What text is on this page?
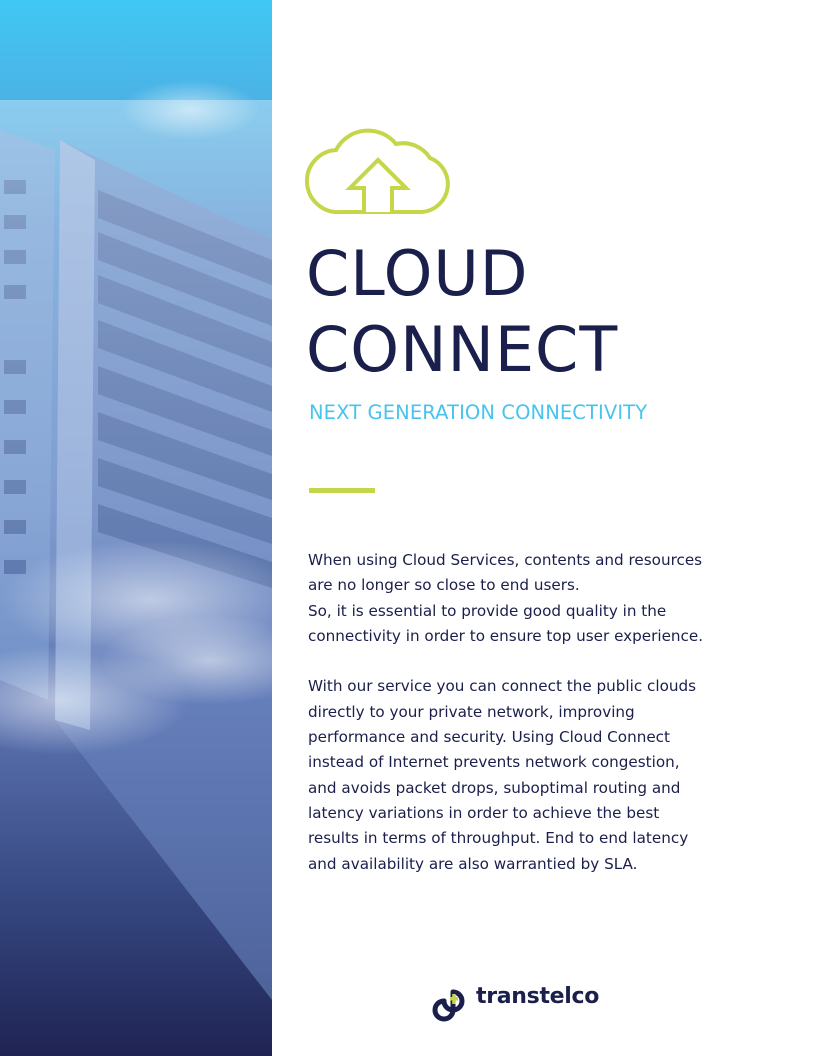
CLOUD
CONNECT

NEXT GENERATION CONNECTIVITY

When using Cloud Services, contents and resources

are no longer so close to end users.

So, it is essential to provide good quality in the

connectivity in order to ensure top user experience.

With our service you can connect the public clouds

directly to your private network, improving

performance and security. Using Cloud Connect

instead of Internet prevents network congestion,

and avoids packet drops, suboptimal routing and

latency variations in order to achieve the best

results in terms of throughput. End to end latency

and availability are also warrantied by SLA.

transtelco
